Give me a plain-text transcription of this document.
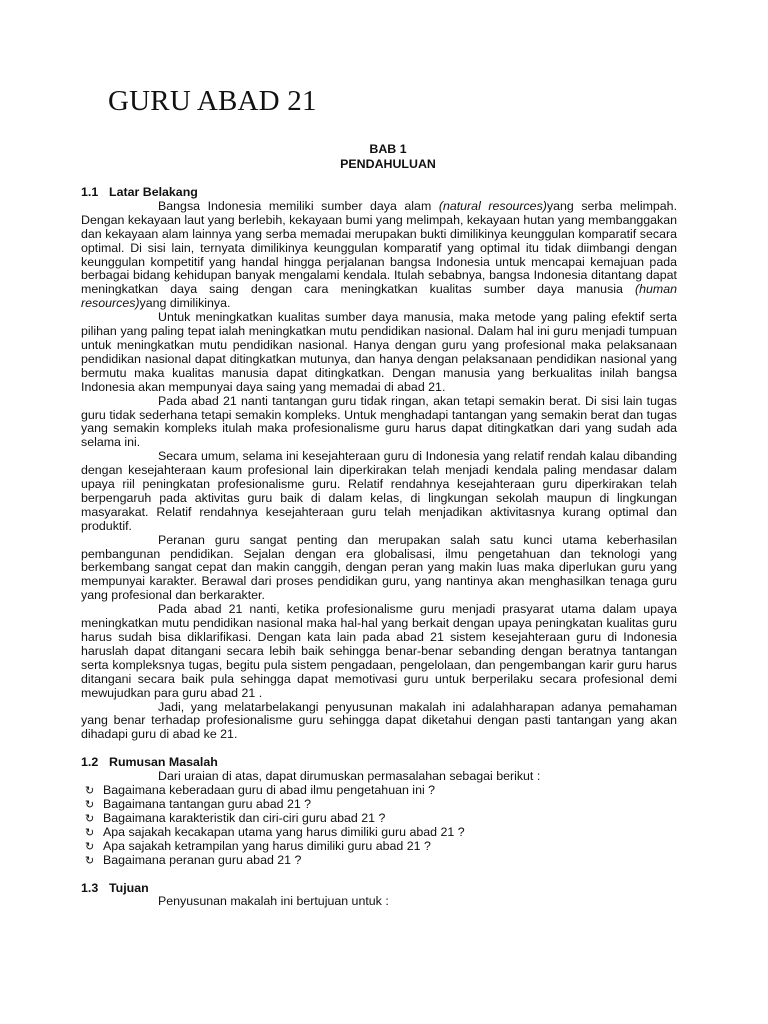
GURU ABAD 21
BAB 1
PENDAHULUAN
1.1 Latar Belakang

Bangsa Indonesia memiliki sumber daya alam (natural resources)yang serba melimpah. Dengan kekayaan laut yang berlebih, kekayaan bumi yang melimpah, kekayaan hutan yang membanggakan dan kekayaan alam lainnya yang serba memadai merupakan bukti dimilikinya keunggulan komparatif secara optimal. Di sisi lain, ternyata dimilikinya keunggulan komparatif yang optimal itu tidak diimbangi dengan keunggulan kompetitif yang handal hingga perjalanan bangsa Indonesia untuk mencapai kemajuan pada berbagai bidang kehidupan banyak mengalami kendala. Itulah sebabnya, bangsa Indonesia ditantang dapat meningkatkan daya saing dengan cara meningkatkan kualitas sumber daya manusia (human resources)yang dimilikinya.

Untuk meningkatkan kualitas sumber daya manusia, maka metode yang paling efektif serta pilihan yang paling tepat ialah meningkatkan mutu pendidikan nasional. Dalam hal ini guru menjadi tumpuan untuk meningkatkan mutu pendidikan nasional. Hanya dengan guru yang profesional maka pelaksanaan pendidikan nasional dapat ditingkatkan mutunya, dan hanya dengan pelaksanaan pendidikan nasional yang bermutu maka kualitas manusia dapat ditingkatkan. Dengan manusia yang berkualitas inilah bangsa Indonesia akan mempunyai daya saing yang memadai di abad 21.

Pada abad 21 nanti tantangan guru tidak ringan, akan tetapi semakin berat. Di sisi lain tugas guru tidak sederhana tetapi semakin kompleks. Untuk menghadapi tantangan yang semakin berat dan tugas yang semakin kompleks itulah maka profesionalisme guru harus dapat ditingkatkan dari yang sudah ada selama ini.

Secara umum, selama ini kesejahteraan guru di Indonesia yang relatif rendah kalau dibanding dengan kesejahteraan kaum profesional lain diperkirakan telah menjadi kendala paling mendasar dalam upaya riil peningkatan profesionalisme guru. Relatif rendahnya kesejahteraan guru diperkirakan telah berpengaruh pada aktivitas guru baik di dalam kelas, di lingkungan sekolah maupun di lingkungan masyarakat. Relatif rendahnya kesejahteraan guru telah menjadikan aktivitasnya kurang optimal dan produktif.

Peranan guru sangat penting dan merupakan salah satu kunci utama keberhasilan pembangunan pendidikan. Sejalan dengan era globalisasi, ilmu pengetahuan dan teknologi yang berkembang sangat cepat dan makin canggih, dengan peran yang makin luas maka diperlukan guru yang mempunyai karakter. Berawal dari proses pendidikan guru, yang nantinya akan menghasilkan tenaga guru yang profesional dan berkarakter.

Pada abad 21 nanti, ketika profesionalisme guru menjadi prasyarat utama dalam upaya meningkatkan mutu pendidikan nasional maka hal-hal yang berkait dengan upaya peningkatan kualitas guru harus sudah bisa diklarifikasi. Dengan kata lain pada abad 21 sistem kesejahteraan guru di Indonesia haruslah dapat ditangani secara lebih baik sehingga benar-benar sebanding dengan beratnya tantangan serta kompleksnya tugas, begitu pula sistem pengadaan, pengelolaan, dan pengembangan karir guru harus ditangani secara baik pula sehingga dapat memotivasi guru untuk berperilaku secara profesional demi mewujudkan para guru abad 21 .

Jadi, yang melatarbelakangi penyusunan makalah ini adalahharapan adanya pemahaman yang benar terhadap profesionalisme guru sehingga dapat diketahui dengan pasti tantangan yang akan dihadapi guru di abad ke 21.

1.2 Rumusan Masalah

Dari uraian di atas, dapat dirumuskan permasalahan sebagai berikut :

↻ Bagaimana keberadaan guru di abad ilmu pengetahuan ini ?
↻ Bagaimana tantangan guru abad 21 ?
↻ Bagaimana karakteristik dan ciri-ciri guru abad 21 ?
↻ Apa sajakah kecakapan utama yang harus dimiliki guru abad 21 ?
↻ Apa sajakah ketrampilan yang harus dimiliki guru abad 21 ?
↻ Bagaimana peranan guru abad 21 ?
1.3 Tujuan

Penyusunan makalah ini bertujuan untuk :
